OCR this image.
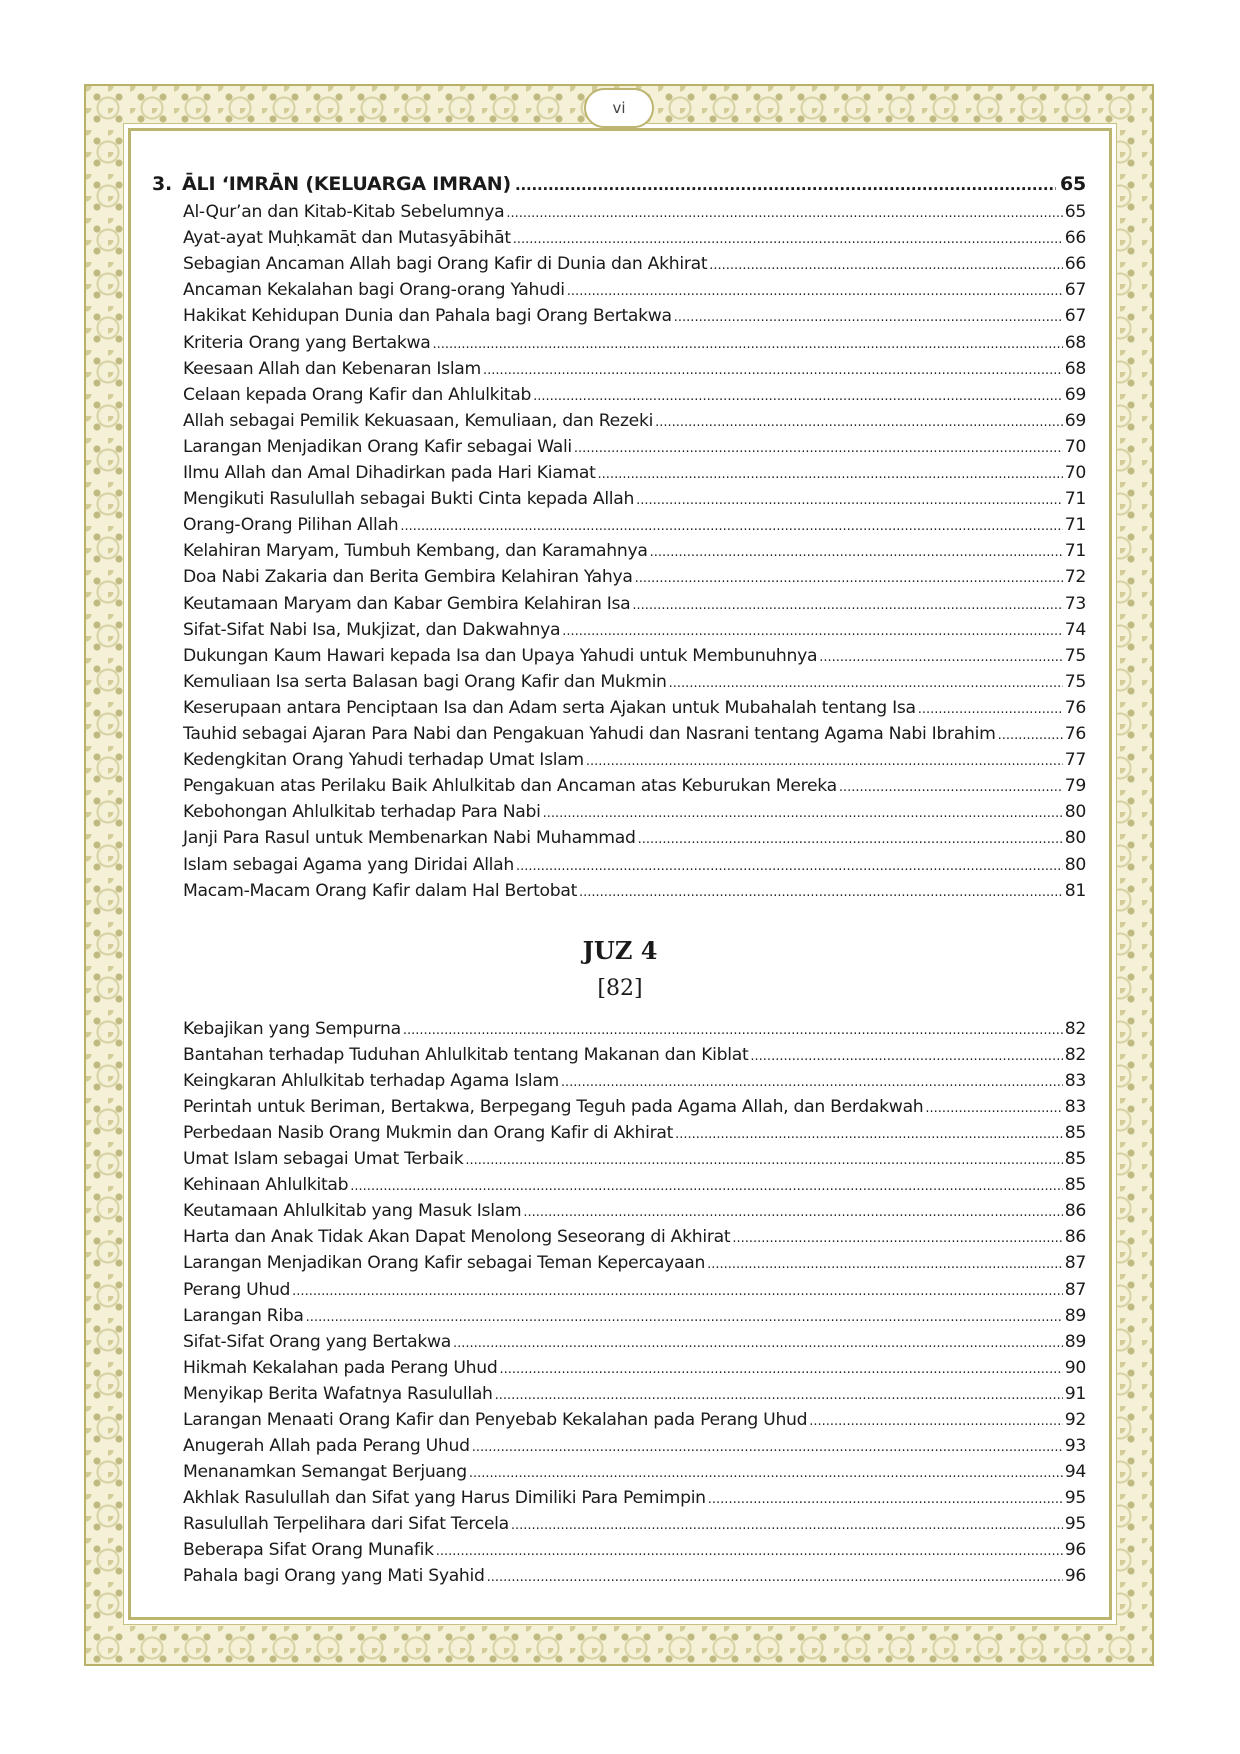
vi
3. ĀLI ‘IMRĀN (KELUARGA IMRAN) .....	65
Al-Qur’an dan Kitab-Kitab Sebelumnya .....	65
Ayat-ayat Muḥkamāt dan Mutasyābihāt .....	66
Sebagian Ancaman Allah bagi Orang Kafir di Dunia dan Akhirat .....	66
Ancaman Kekalahan bagi Orang-orang Yahudi .....	67
Hakikat Kehidupan Dunia dan Pahala bagi Orang Bertakwa .....	67
Kriteria Orang yang Bertakwa .....	68
Keesaan Allah dan Kebenaran Islam .....	68
Celaan kepada Orang Kafir dan Ahlulkitab .....	69
Allah sebagai Pemilik Kekuasaan, Kemuliaan, dan Rezeki .....	69
Larangan Menjadikan Orang Kafir sebagai Wali .....	70
Ilmu Allah dan Amal Dihadirkan pada Hari Kiamat .....	70
Mengikuti Rasulullah sebagai Bukti Cinta kepada Allah .....	71
Orang-Orang Pilihan Allah .....	71
Kelahiran Maryam, Tumbuh Kembang, dan Karamahnya .....	71
Doa Nabi Zakaria dan Berita Gembira Kelahiran Yahya .....	72
Keutamaan Maryam dan Kabar Gembira Kelahiran Isa .....	73
Sifat-Sifat Nabi Isa, Mukjizat, dan Dakwahnya .....	74
Dukungan Kaum Hawari kepada Isa dan Upaya Yahudi untuk Membunuhnya .....	75
Kemuliaan Isa serta Balasan bagi Orang Kafir dan Mukmin .....	75
Keserupaan antara Penciptaan Isa dan Adam serta Ajakan untuk Mubahalah tentang Isa .....	76
Tauhid sebagai Ajaran Para Nabi dan Pengakuan Yahudi dan Nasrani tentang Agama Nabi Ibrahim .....	76
Kedengkitan Orang Yahudi terhadap Umat Islam .....	77
Pengakuan atas Perilaku Baik Ahlulkitab dan Ancaman atas Keburukan Mereka .....	79
Kebohongan Ahlulkitab terhadap Para Nabi .....	80
Janji Para Rasul untuk Membenarkan Nabi Muhammad .....	80
Islam sebagai Agama yang Diridai Allah .....	80
Macam-Macam Orang Kafir dalam Hal Bertobat .....	81
JUZ 4
[82]
Kebajikan yang Sempurna .....	82
Bantahan terhadap Tuduhan Ahlulkitab tentang Makanan dan Kiblat .....	82
Keingkaran Ahlulkitab terhadap Agama Islam .....	83
Perintah untuk Beriman, Bertakwa, Berpegang Teguh pada Agama Allah, dan Berdakwah .....	83
Perbedaan Nasib Orang Mukmin dan Orang Kafir di Akhirat .....	85
Umat Islam sebagai Umat Terbaik .....	85
Kehinaan Ahlulkitab .....	85
Keutamaan Ahlulkitab yang Masuk Islam .....	86
Harta dan Anak Tidak Akan Dapat Menolong Seseorang di Akhirat .....	86
Larangan Menjadikan Orang Kafir sebagai Teman Kepercayaan .....	87
Perang Uhud .....	87
Larangan Riba .....	89
Sifat-Sifat Orang yang Bertakwa .....	89
Hikmah Kekalahan pada Perang Uhud .....	90
Menyikap Berita Wafatnya Rasulullah .....	91
Larangan Menaati Orang Kafir dan Penyebab Kekalahan pada Perang Uhud .....	92
Anugerah Allah pada Perang Uhud .....	93
Menanamkan Semangat Berjuang .....	94
Akhlak Rasulullah dan Sifat yang Harus Dimiliki Para Pemimpin .....	95
Rasulullah Terpelihara dari Sifat Tercela .....	95
Beberapa Sifat Orang Munafik .....	96
Pahala bagi Orang yang Mati Syahid .....	96
